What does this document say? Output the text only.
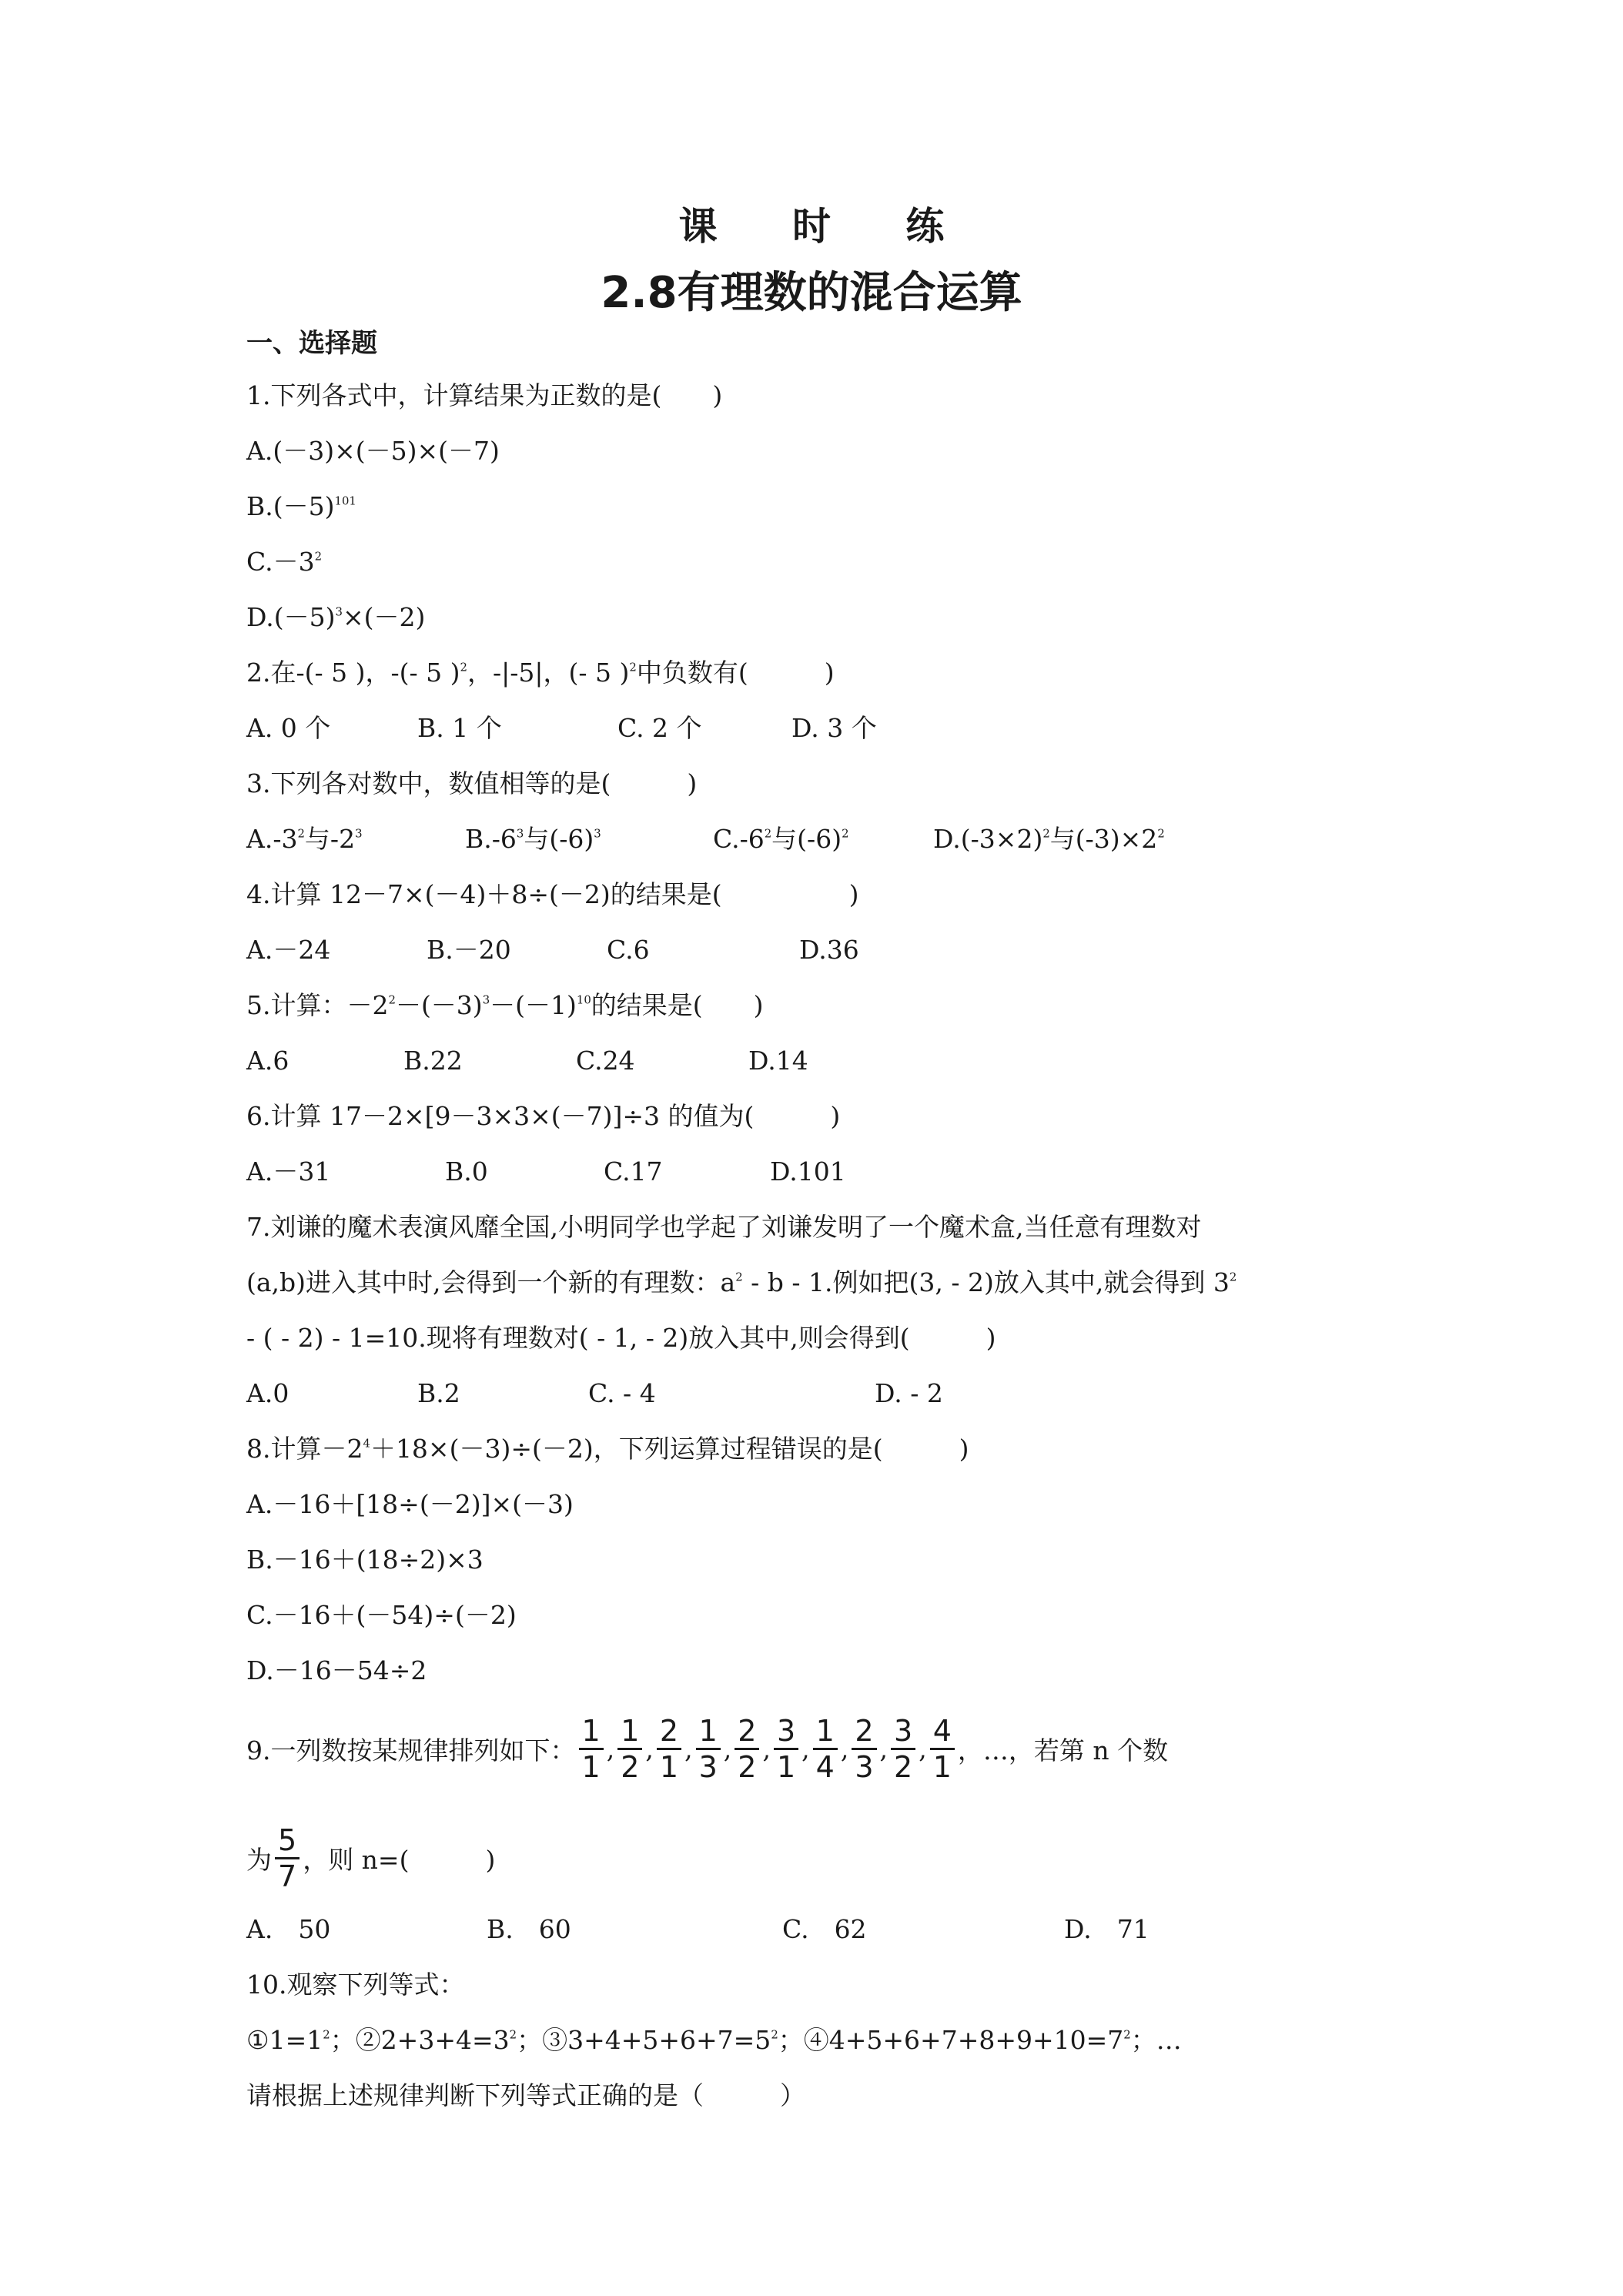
课 时 练
2.8有理数的混合运算
一、选择题
1.下列各式中，计算结果为正数的是(　　)
A.(－3)×(－5)×(－7)
$B.(-5)^{101}$
$C.-3^2$
$D.(-5)^3\times(-2)$
2.在-(- 5 )，-(- 5 )$^2$，-|-5|，(- 5 )$^2$中负数有(　　　)
A. 0 个	B. 1 个	C. 2 个	D. 3 个
3.下列各对数中，数值相等的是(　　　)
$A.-3^2$与$-2^3$	$B.-6^3$与$(-6)^3$	$C.-6^2$与$(-6)^2$	$D.(-3\times 2)^2$与$(-3)\times 2^2$
4.计算 12－7×(－4)＋8÷(－2)的结果是(　　　　　)
A.－24	B.－20	C.6	D.36
5.计算：$-2^2-(-3)^3-(-1)^{10}$的结果是(　　)
A.6	B.22	C.24	D.14
6.计算 17－2×[9－3×3×(－7)]÷3 的值为(　　　)
A.－31	B.0	C.17	D.101
7.刘谦的魔术表演风靡全国,小明同学也学起了刘谦发明了一个魔术盒,当任意有理数对
(a,b)进入其中时,会得到一个新的有理数：$a^2$ - b - 1.例如把(3, - 2)放入其中,就会得到 $3^2$
- ( - 2) - 1=10.现将有理数对( - 1, - 2)放入其中,则会得到(　　　)
A.0	B.2	C. - 4	D. - 2
8.计算$-2^4+18\times(-3)\div(-2)$，下列运算过程错误的是(　　　)
A.－16＋[18÷(－2)]×(－3)
B.－16＋(18÷2)×3
C.－16＋(－54)÷(－2)
D.－16－54÷2
9.一列数按某规律排列如下： $\frac{1}{1}$ , $\frac{1}{2}$ , $\frac{2}{1}$ , $\frac{1}{3}$ , $\frac{2}{2}$ , $\frac{3}{1}$ , $\frac{1}{4}$ , $\frac{2}{3}$ , $\frac{3}{2}$ , $\frac{4}{1}$ ，…，若第 n 个数
为 $\frac{5}{7}$ ，则 n=(　　　)
A.　50	B.　60	C.　62	D.　71
10.观察下列等式：
$①1=1^2$；$②2+3+4=3^2$；$③3+4+5+6+7=5^2$；$④4+5+6+7+8+9+10=7^2$；…
请根据上述规律判断下列等式正确的是（　　　）
